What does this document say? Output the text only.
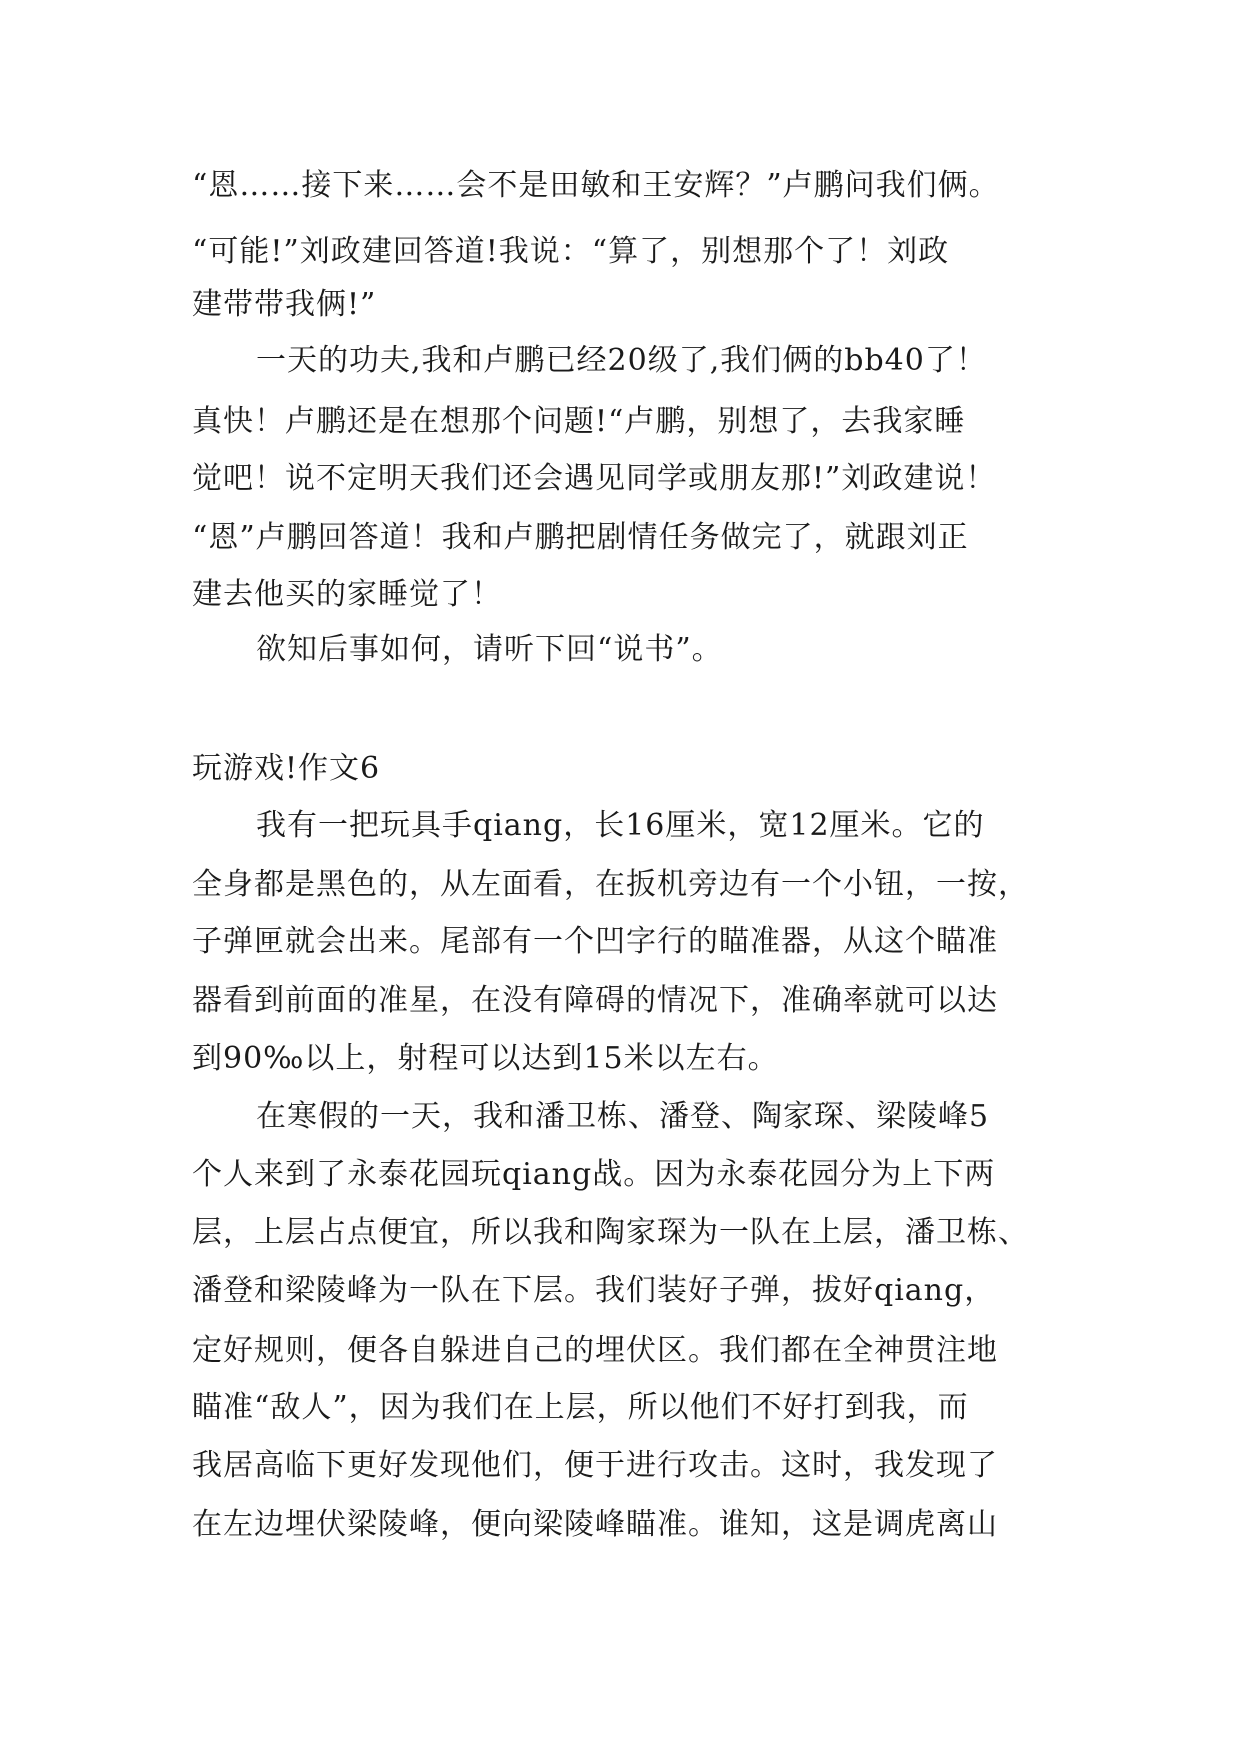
“恩……接下来……会不是田敏和王安辉？”卢鹏问我们俩。
“可能!”刘政建回答道!我说：“算了，别想那个了！刘政
建带带我俩!”
一天的功夫,我和卢鹏已经20级了,我们俩的bb40了！
真快！卢鹏还是在想那个问题!“卢鹏，别想了，去我家睡
觉吧！说不定明天我们还会遇见同学或朋友那!”刘政建说！
“恩”卢鹏回答道！我和卢鹏把剧情任务做完了，就跟刘正
建去他买的家睡觉了！
欲知后事如何，请听下回“说书”。
玩游戏!作文6
我有一把玩具手qiang，长16厘米，宽12厘米。它的
全身都是黑色的，从左面看，在扳机旁边有一个小钮，一按，
子弹匣就会出来。尾部有一个凹字行的瞄准器，从这个瞄准
器看到前面的准星，在没有障碍的情况下，准确率就可以达
到90‰以上，射程可以达到15米以左右。
在寒假的一天，我和潘卫栋、潘登、陶家琛、梁陵峰5
个人来到了永泰花园玩qiang战。因为永泰花园分为上下两
层，上层占点便宜，所以我和陶家琛为一队在上层，潘卫栋、
潘登和梁陵峰为一队在下层。我们装好子弹，拔好qiang，
定好规则，便各自躲进自己的埋伏区。我们都在全神贯注地
瞄准“敌人”，因为我们在上层，所以他们不好打到我，而
我居高临下更好发现他们，便于进行攻击。这时，我发现了
在左边埋伏梁陵峰，便向梁陵峰瞄准。谁知，这是调虎离山
